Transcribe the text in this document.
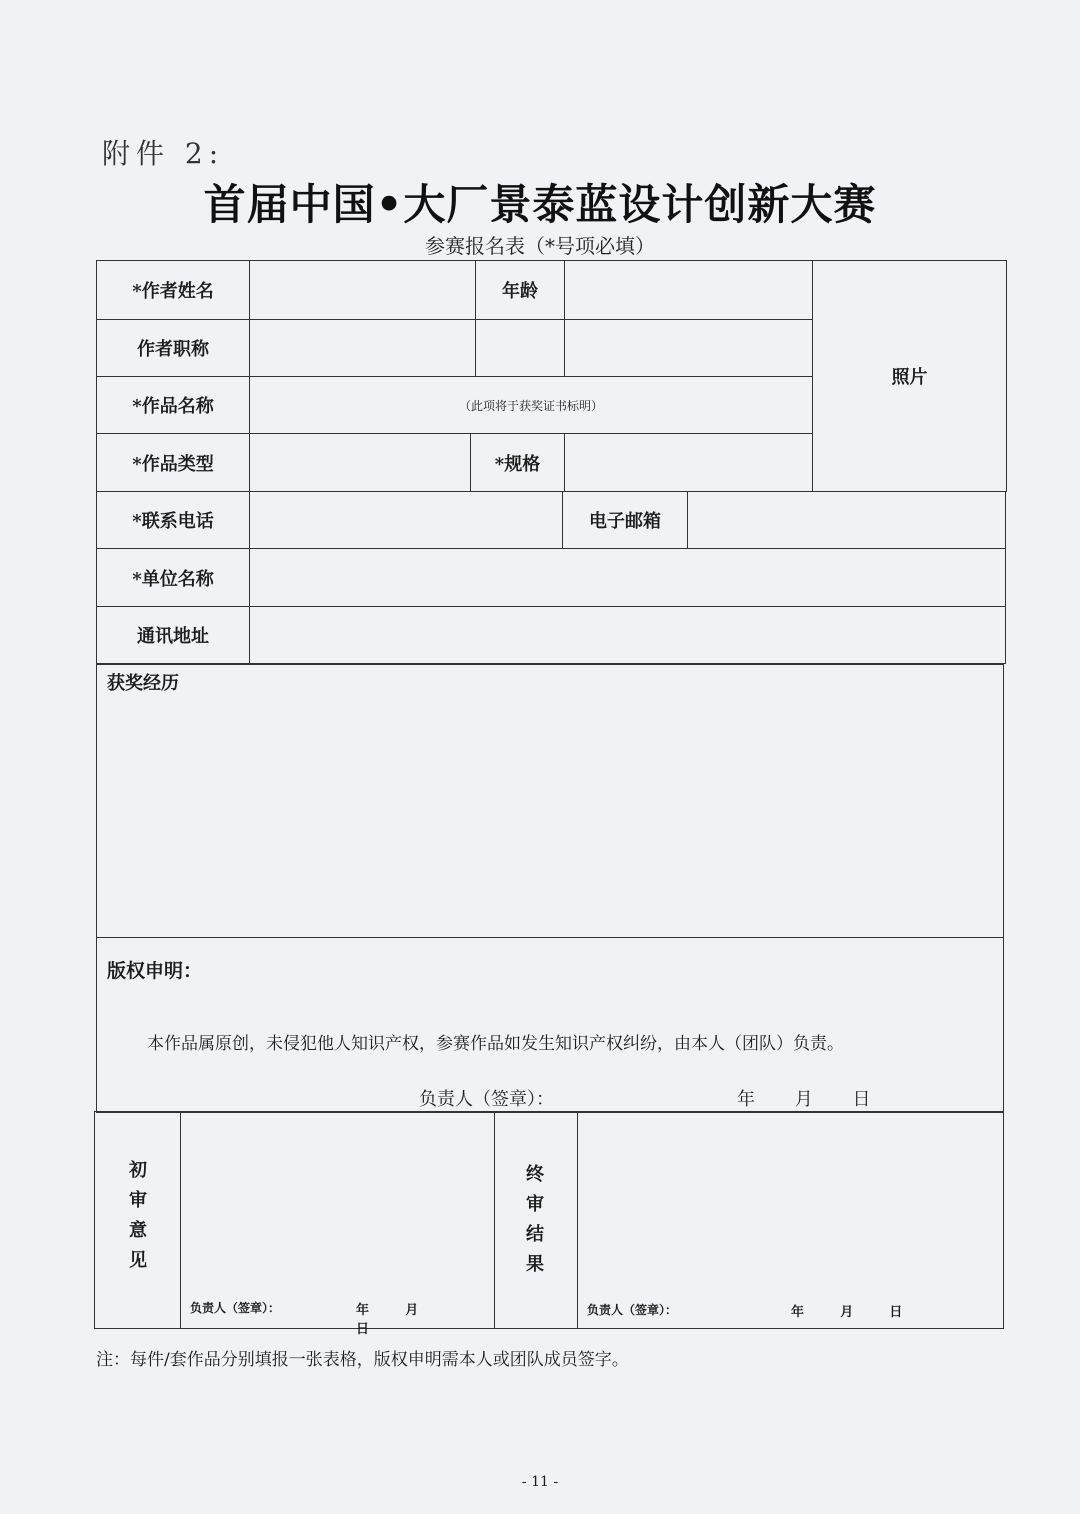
附件 2:
首届中国•大厂景泰蓝设计创新大赛
参赛报名表（*号项必填）
*作者姓名	年龄
照片
作者职称
*作品名称	（此项将于获奖证书标明）
*作品类型	*规格
*联系电话	电子邮箱
*单位名称
通讯地址
获奖经历
版权申明：
本作品属原创，未侵犯他人知识产权，参赛作品如发生知识产权纠纷，由本人（团队）负责。
负责人（签章）：	年 月 日
初
审
意
见
负责人（签章）：	年	月 日
终
审
结
果
负责人（签章）：	年	月	日
注：每件/套作品分别填报一张表格，版权申明需本人或团队成员签字。
- 11 -
